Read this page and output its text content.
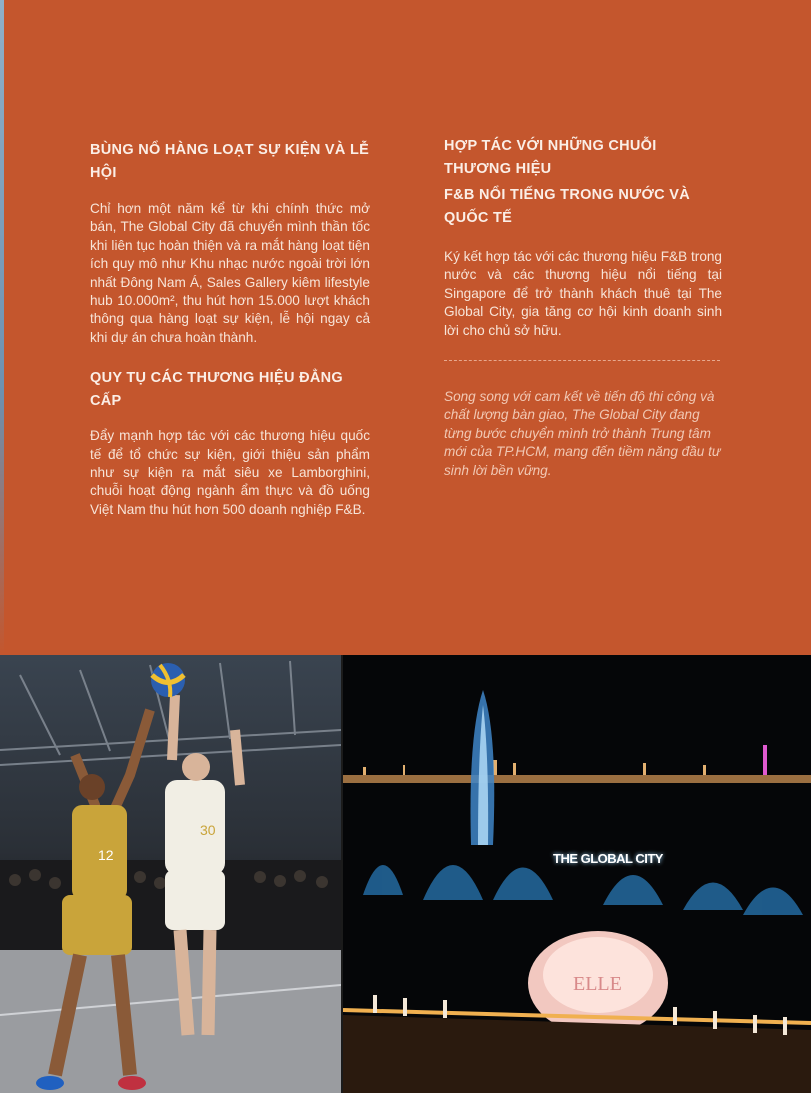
BÙNG NỔ HÀNG LOẠT SỰ KIỆN VÀ LỄ HỘI

Chỉ hơn một năm kể từ khi chính thức mở bán, The Global City đã chuyển mình thần tốc khi liên tục hoàn thiện và ra mắt hàng loạt tiện ích quy mô như Khu nhạc nước ngoài trời lớn nhất Đông Nam Á, Sales Gallery kiêm lifestyle hub 10.000m², thu hút hơn 15.000 lượt khách thông qua hàng loạt sự kiện, lễ hội ngay cả khi dự án chưa hoàn thành.

QUY TỤ CÁC THƯƠNG HIỆU ĐẲNG CẤP

Đẩy mạnh hợp tác với các thương hiệu quốc tế để tổ chức sự kiện, giới thiệu sản phẩm như sự kiện ra mắt siêu xe Lamborghini, chuỗi hoạt động ngành ẩm thực và đồ uống Việt Nam thu hút hơn 500 doanh nghiệp F&B.

HỢP TÁC VỚI NHỮNG CHUỖI THƯƠNG HIỆU
F&B NỔI TIẾNG TRONG NƯỚC VÀ QUỐC TẾ

Ký kết hợp tác với các thương hiệu F&B trong nước và các thương hiệu nổi tiếng tại Singapore để trở thành khách thuê tại The Global City, gia tăng cơ hội kinh doanh sinh lời cho chủ sở hữu.

Song song với cam kết về tiến độ thi công và chất lượng bàn giao, The Global City đang từng bước chuyển mình trở thành Trung tâm mới của TP.HCM, mang đến tiềm năng đầu tư sinh lời bền vững.

12
30
THE GLOBAL CITY
ELLE
